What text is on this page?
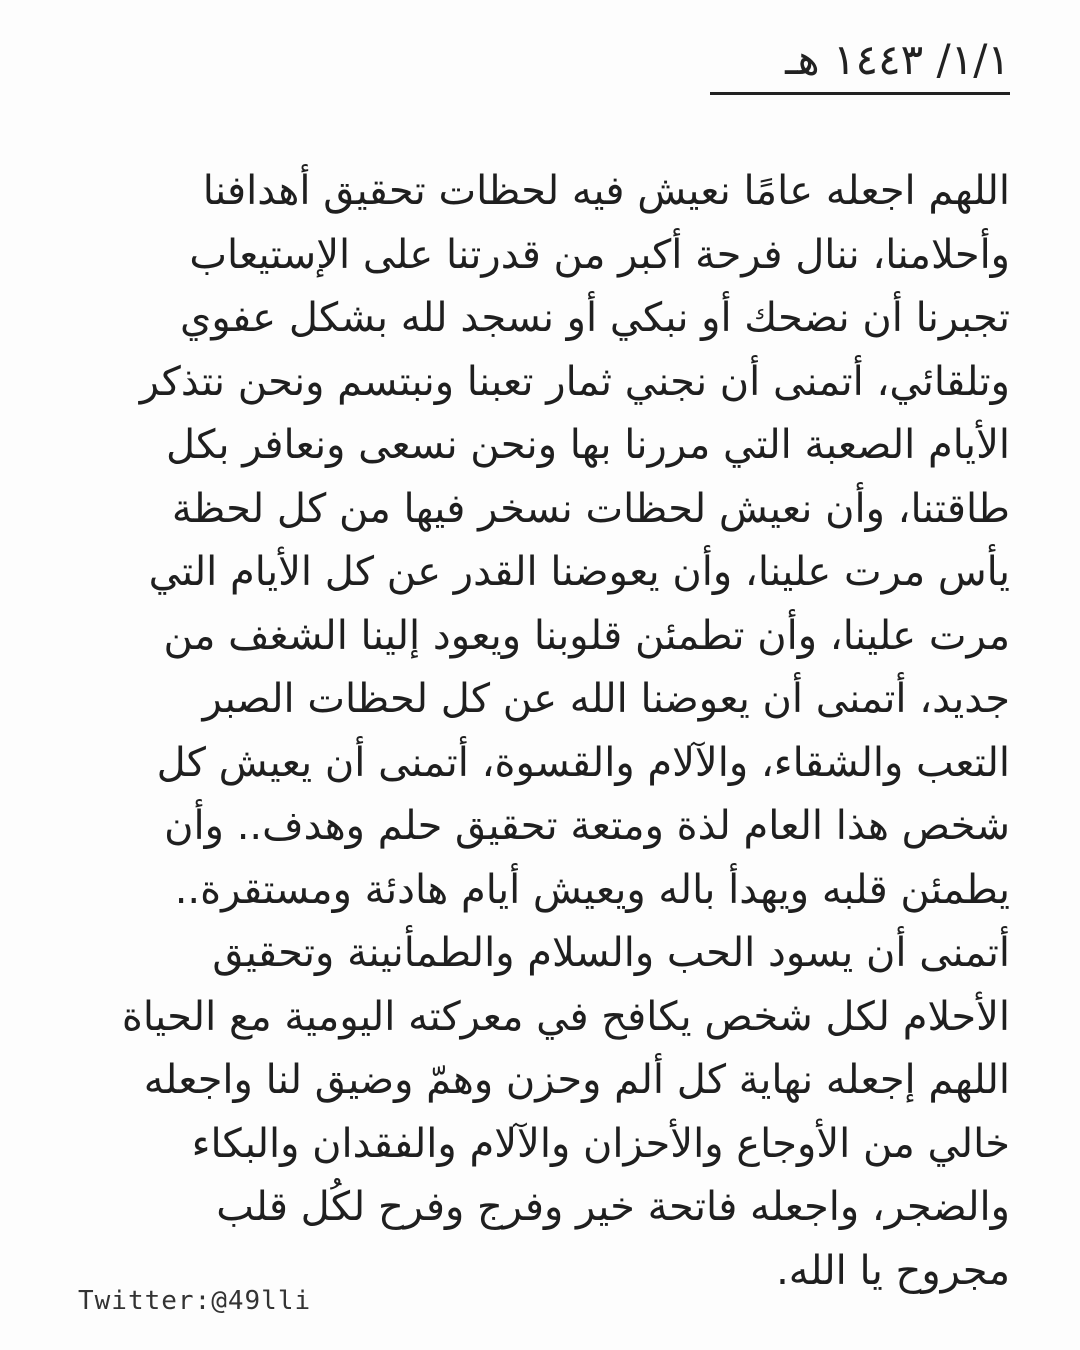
١/١/ ١٤٤٣ هـ
اللهم اجعله عامًا نعيش فيه لحظات تحقيق أهدافنا
وأحلامنا، ننال فرحة أكبر من قدرتنا على الإستيعاب
تجبرنا أن نضحك أو نبكي أو نسجد لله بشكل عفوي
وتلقائي، أتمنى أن نجني ثمار تعبنا ونبتسم ونحن نتذكر
الأيام الصعبة التي مررنا بها ونحن نسعى ونعافر بكل
طاقتنا، وأن نعيش لحظات نسخر فيها من كل لحظة
يأس مرت علينا، وأن يعوضنا القدر عن كل الأيام التي
مرت علينا، وأن تطمئن قلوبنا ويعود إلينا الشغف من
جديد، أتمنى أن يعوضنا الله عن كل لحظات الصبر
التعب والشقاء، والآلام والقسوة، أتمنى أن يعيش كل
شخص هذا العام لذة ومتعة تحقيق حلم وهدف.. وأن
يطمئن قلبه ويهدأ باله ويعيش أيام هادئة ومستقرة..
أتمنى أن يسود الحب والسلام والطمأنينة وتحقيق
الأحلام لكل شخص يكافح في معركته اليومية مع الحياة
اللهم إجعله نهاية كل ألم وحزن وهمّ وضيق لنا واجعله
خالي من الأوجاع والأحزان والآلام والفقدان والبكاء
والضجر، واجعله فاتحة خير وفرج وفرح لكُل قلب
مجروح يا الله.
Twitter:@49lli
